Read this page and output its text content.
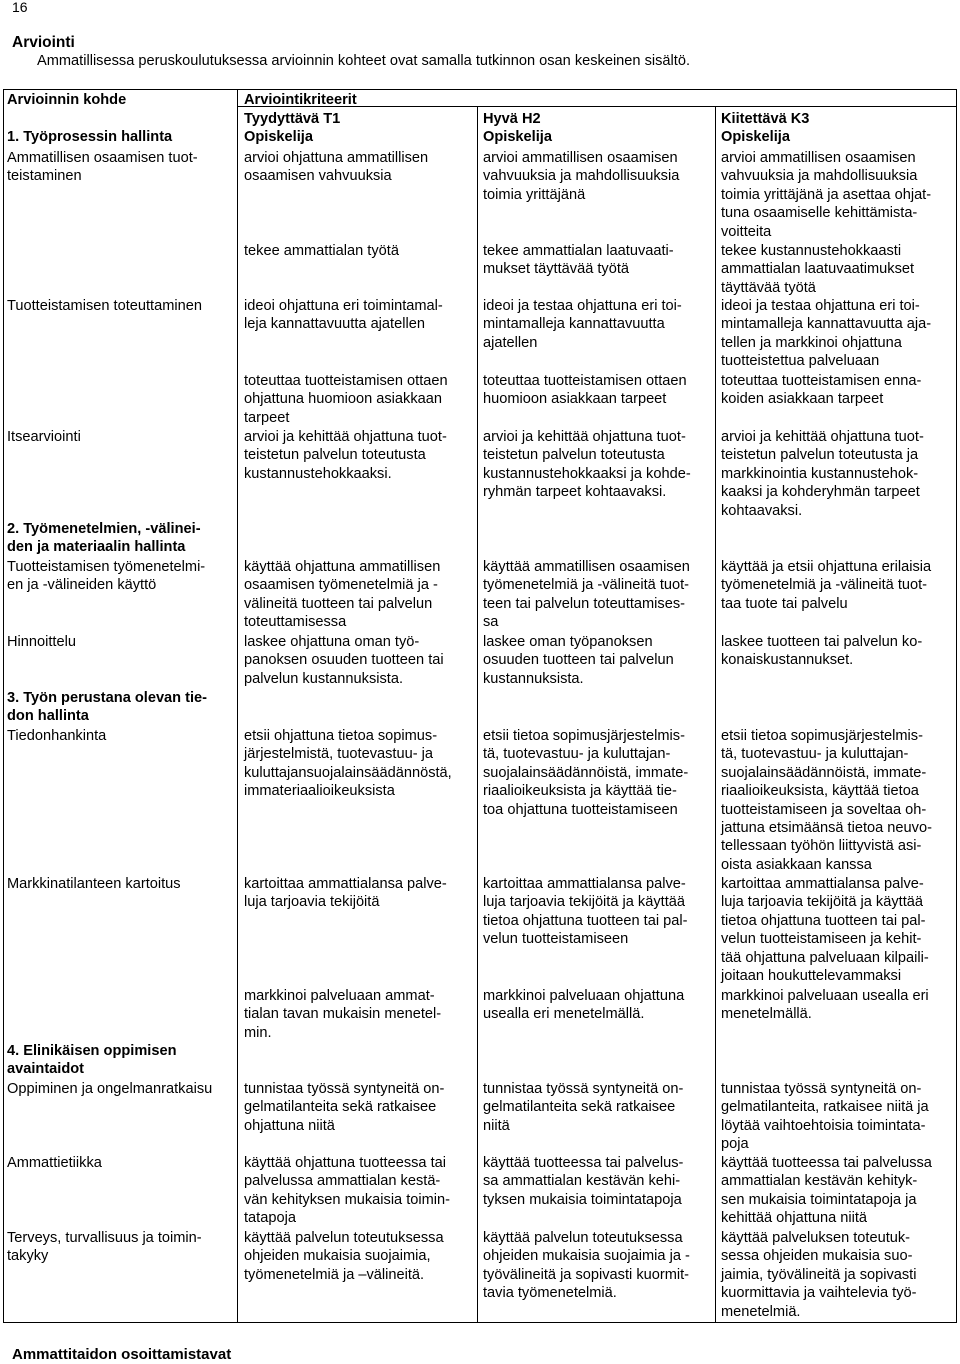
16
Arviointi
Ammatillisessa peruskoulutuksessa arvioinnin kohteet ovat samalla tutkinnon osan keskeinen sisältö.
Arvioinnin kohde	Arviointikriteerit
Tyydyttävä T1
Opiskelija
Hyvä H2
Opiskelija
Kiitettävä K3
Opiskelija
1. Työprosessin hallinta
2. Työmenetelmien, -välinei-
den ja materiaalin hallinta
3. Työn perustana olevan tie-
don hallinta
4. Elinikäisen oppimisen
avaintaidot
Ammatillisen osaamisen tuot-
teistaminen
Tuotteistamisen toteuttaminen
Itsearviointi
Tuotteistamisen työmenetelmi-
en ja -välineiden käyttö
Hinnoittelu
Tiedonhankinta
Markkinatilanteen kartoitus
Oppiminen ja ongelmanratkaisu
Ammattietiikka
Terveys, turvallisuus ja toimin-
takyky
arvioi ohjattuna ammatillisen
osaamisen vahvuuksia
arvioi ammatillisen osaamisen
vahvuuksia ja mahdollisuuksia
toimia yrittäjänä
arvioi ammatillisen osaamisen
vahvuuksia ja mahdollisuuksia
toimia yrittäjänä ja asettaa ohjat-
tuna osaamiselle kehittämista-
voitteita
tekee ammattialan työtä	tekee ammattialan laatuvaati-
mukset täyttävää työtä
tekee kustannustehokkaasti
ammattialan laatuvaatimukset
täyttävää työtä
ideoi ohjattuna eri toimintamal-
leja kannattavuutta ajatellen
ideoi ja testaa ohjattuna eri toi-
mintamalleja kannattavuutta
ajatellen
ideoi ja testaa ohjattuna eri toi-
mintamalleja kannattavuutta aja-
tellen ja markkinoi ohjattuna
tuotteistettua palveluaan
toteuttaa tuotteistamisen ottaen
ohjattuna huomioon asiakkaan
tarpeet
toteuttaa tuotteistamisen ottaen
huomioon asiakkaan tarpeet
toteuttaa tuotteistamisen enna-
koiden asiakkaan tarpeet
arvioi ja kehittää ohjattuna tuot-
teistetun palvelun toteutusta
kustannustehokkaaksi.
arvioi ja kehittää ohjattuna tuot-
teistetun palvelun toteutusta
kustannustehokkaaksi ja kohde-
ryhmän tarpeet kohtaavaksi.
arvioi ja kehittää ohjattuna tuot-
teistetun palvelun toteutusta ja
markkinointia kustannustehok-
kaaksi ja kohderyhmän tarpeet
kohtaavaksi.
käyttää ohjattuna ammatillisen
osaamisen työmenetelmiä ja -
välineitä tuotteen tai palvelun
toteuttamisessa
käyttää ammatillisen osaamisen
työmenetelmiä ja -välineitä tuot-
teen tai palvelun toteuttamises-
sa
käyttää ja etsii ohjattuna erilaisia
työmenetelmiä ja -välineitä tuot-
taa tuote tai palvelu
laskee ohjattuna oman työ-
panoksen osuuden tuotteen tai
palvelun kustannuksista.
laskee oman työpanoksen
osuuden tuotteen tai palvelun
kustannuksista.
laskee tuotteen tai palvelun ko-
konaiskustannukset.
etsii ohjattuna tietoa sopimus-
järjestelmistä, tuotevastuu- ja
kuluttajansuojalainsäädännöstä,
immateriaalioikeuksista
etsii tietoa sopimusjärjestelmis-
tä, tuotevastuu- ja kuluttajan-
suojalainsäädännöistä, immate-
riaalioikeuksista ja käyttää tie-
toa ohjattuna tuotteistamiseen
etsii tietoa sopimusjärjestelmis-
tä, tuotevastuu- ja kuluttajan-
suojalainsäädännöistä, immate-
riaalioikeuksista, käyttää tietoa
tuotteistamiseen ja soveltaa oh-
jattuna etsimäänsä tietoa neuvo-
tellessaan työhön liittyvistä asi-
oista asiakkaan kanssa
kartoittaa ammattialansa palve-
luja tarjoavia tekijöitä
kartoittaa ammattialansa palve-
luja tarjoavia tekijöitä ja käyttää
tietoa ohjattuna tuotteen tai pal-
velun tuotteistamiseen
kartoittaa ammattialansa palve-
luja tarjoavia tekijöitä ja käyttää
tietoa ohjattuna tuotteen tai pal-
velun tuotteistamiseen ja kehit-
tää ohjattuna palveluaan kilpaili-
joitaan houkuttelevammaksi
markkinoi palveluaan ammat-
tialan tavan mukaisin menetel-
min.
markkinoi palveluaan ohjattuna
usealla eri menetelmällä.
markkinoi palveluaan usealla eri
menetelmällä.
tunnistaa työssä syntyneitä on-
gelmatilanteita sekä ratkaisee
ohjattuna niitä
tunnistaa työssä syntyneitä on-
gelmatilanteita sekä ratkaisee
niitä
tunnistaa työssä syntyneitä on-
gelmatilanteita, ratkaisee niitä ja
löytää vaihtoehtoisia toimintata-
poja
käyttää ohjattuna tuotteessa tai
palvelussa ammattialan kestä-
vän kehityksen mukaisia toimin-
tatapoja
käyttää tuotteessa tai palvelus-
sa ammattialan kestävän kehi-
tyksen mukaisia toimintatapoja
käyttää tuotteessa tai palvelussa
ammattialan kestävän kehityk-
sen mukaisia toimintatapoja ja
kehittää ohjattuna niitä
käyttää palvelun toteutuksessa
ohjeiden mukaisia suojaimia,
työmenetelmiä ja –välineitä.
käyttää palvelun toteutuksessa
ohjeiden mukaisia suojaimia ja -
työvälineitä ja sopivasti kuormit-
tavia työmenetelmiä.
käyttää palveluksen toteutuk-
sessa ohjeiden mukaisia suo-
jaimia, työvälineitä ja sopivasti
kuormittavia ja vaihtelevia työ-
menetelmiä.
Ammattitaidon osoittamistavat
